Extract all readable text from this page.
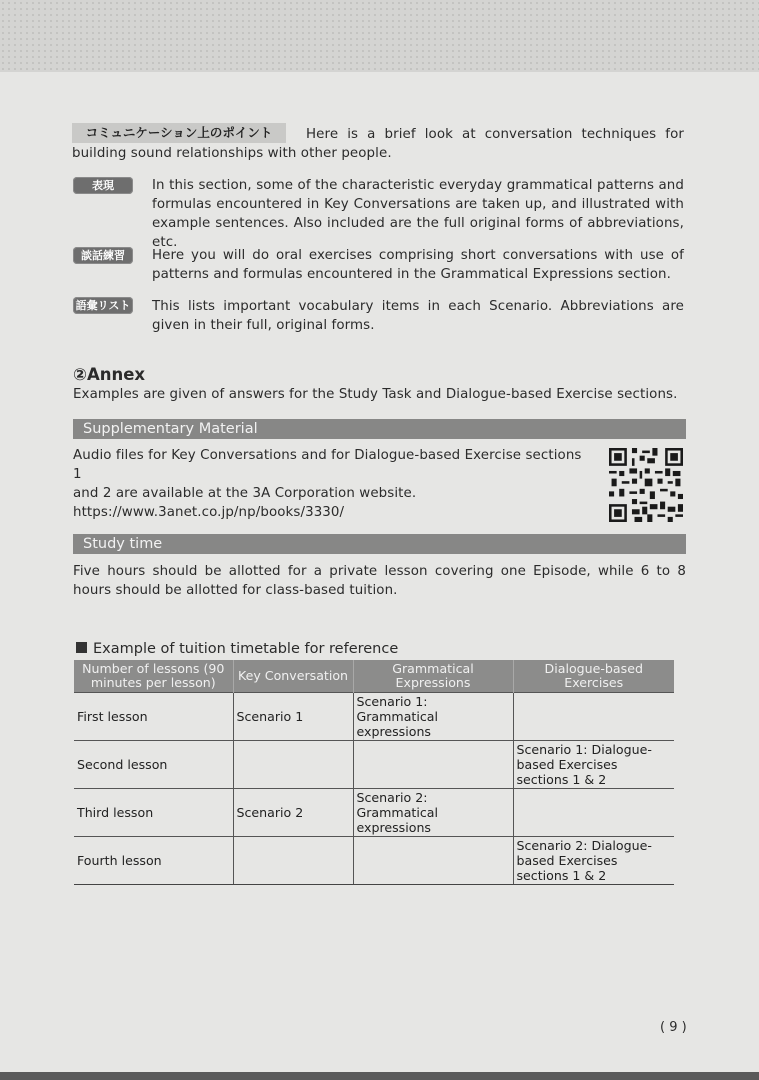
Here is a brief look at conversation techniques for building sound relationships with other people.
コミュニケーション上のポイント
表現	In this section, some of the characteristic everyday grammatical patterns and formulas encountered in Key Conversations are taken up, and illustrated with example sentences. Also included are the full original forms of abbreviations, etc.
談話練習	Here you will do oral exercises comprising short conversations with use of patterns and formulas encountered in the Grammatical Expressions section.
語彙リスト This lists important vocabulary items in each Scenario. Abbreviations are given in their full, original forms.
②Annex
Examples are given of answers for the Study Task and Dialogue-based Exercise sections.
Supplementary Material
Audio files for Key Conversations and for Dialogue-based Exercise sections 1
and 2 are available at the 3A Corporation website.
https://www.3anet.co.jp/np/books/3330/
Study time
Five hours should be allotted for a private lesson covering one Episode, while 6 to 8 hours should be allotted for class-based tuition.
Example of tuition timetable for reference
Number of lessons (90 minutes per lesson)	Key Conversation	Grammatical Expressions	Dialogue-based Exercises
First lesson	Scenario 1	Scenario 1: Grammatical expressions	
Second lesson			Scenario 1: Dialogue-based Exercises sections 1 & 2
Third lesson	Scenario 2	Scenario 2: Grammatical expressions	
Fourth lesson			Scenario 2: Dialogue-based Exercises sections 1 & 2
( 9 )
